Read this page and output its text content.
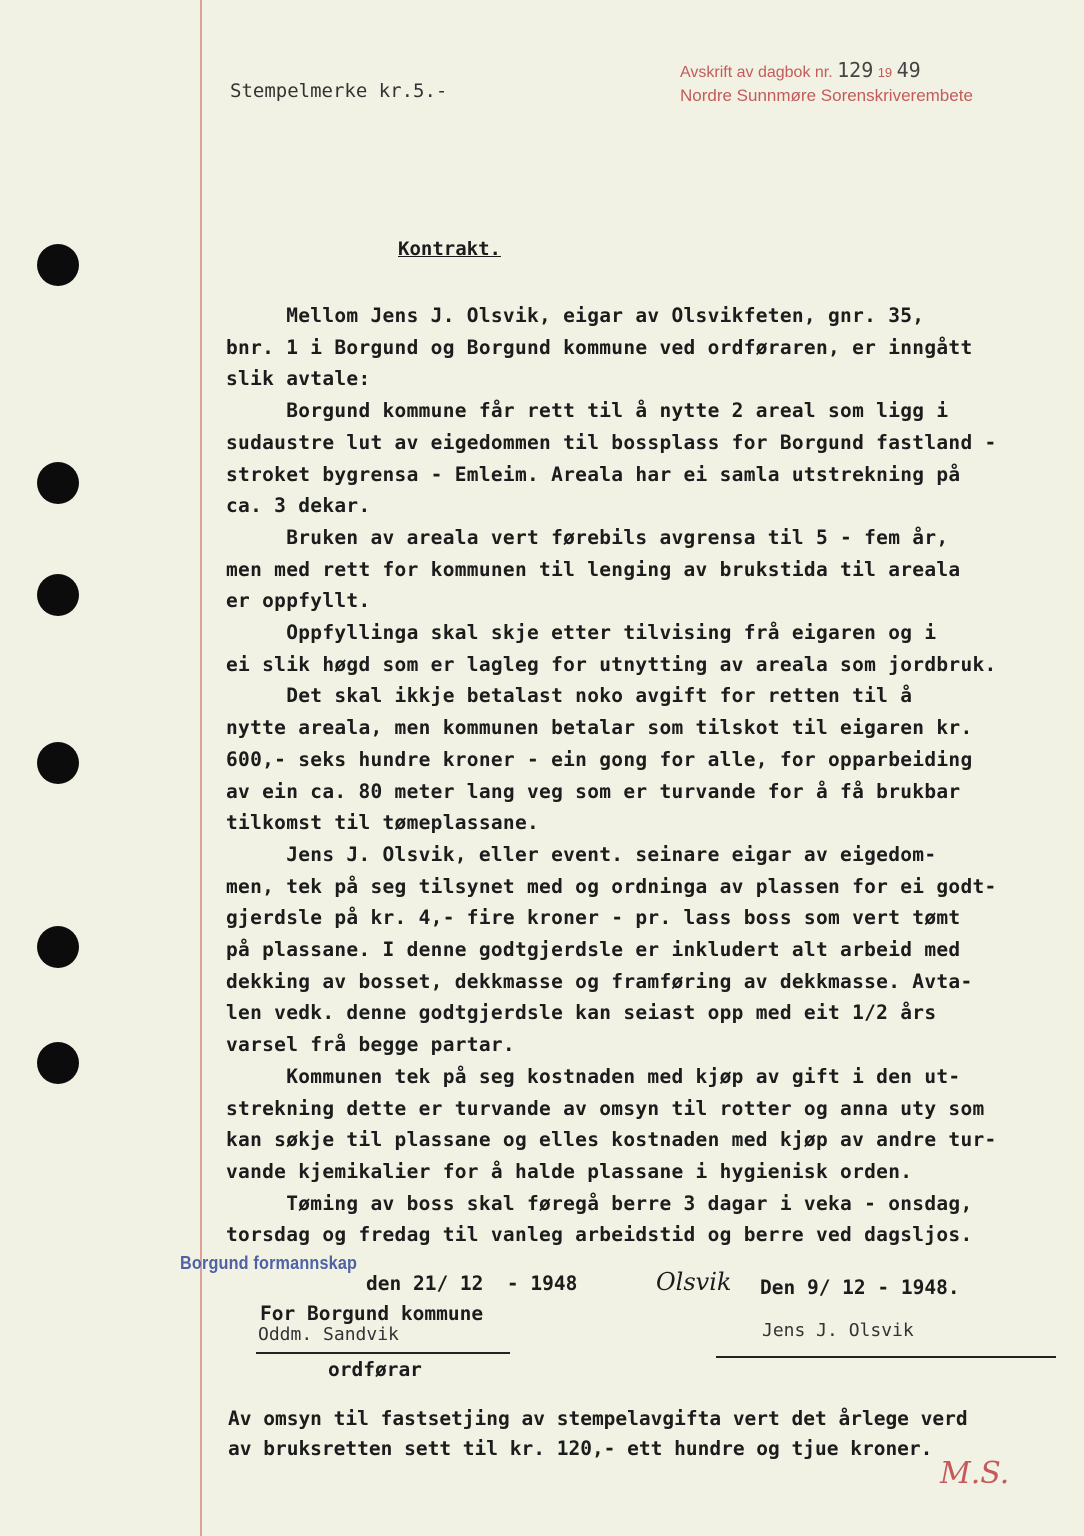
Stempelmerke kr.5.-
Avskrift av dagbok nr. 129 19 49
Nordre Sunnmøre Sorenskriverembete
Kontrakt.
Mellom Jens J. Olsvik, eigar av Olsvikfeten, gnr. 35,
bnr. 1 i Borgund og Borgund kommune ved ordføraren, er inngått
slik avtale:
Borgund kommune får rett til å nytte 2 areal som ligg i
sudaustre lut av eigedommen til bossplass for Borgund fastland -
stroket bygrensa - Emleim. Areala har ei samla utstrekning på
ca. 3 dekar.
Bruken av areala vert førebils avgrensa til 5 - fem år,
men med rett for kommunen til lenging av brukstida til areala
er oppfyllt.
Oppfyllinga skal skje etter tilvising frå eigaren og i
ei slik høgd som er lagleg for utnytting av areala som jordbruk.
Det skal ikkje betalast noko avgift for retten til å
nytte areala, men kommunen betalar som tilskot til eigaren kr.
600,- seks hundre kroner - ein gong for alle, for opparbeiding
av ein ca. 80 meter lang veg som er turvande for å få brukbar
tilkomst til tømeplassane.
Jens J. Olsvik, eller event. seinare eigar av eigedom-
men, tek på seg tilsynet med og ordninga av plassen for ei godt-
gjerdsle på kr. 4,- fire kroner - pr. lass boss som vert tømt
på plassane. I denne godtgjerdsle er inkludert alt arbeid med
dekking av bosset, dekkmasse og framføring av dekkmasse. Avta-
len vedk. denne godtgjerdsle kan seiast opp med eit 1/2 års
varsel frå begge partar.
Kommunen tek på seg kostnaden med kjøp av gift i den ut-
strekning dette er turvande av omsyn til rotter og anna uty som
kan søkje til plassane og elles kostnaden med kjøp av andre tur-
vande kjemikalier for å halde plassane i hygienisk orden.
Tøming av boss skal føregå berre 3 dagar i veka - onsdag,
torsdag og fredag til vanleg arbeidstid og berre ved dagsljos.
Borgund formannskap
den 21/ 12  - 1948	Olsvik Den 9/ 12 - 1948.
For Borgund kommune
Oddm. Sandvik	Jens J. Olsvik
ordførar
Av omsyn til fastsetjing av stempelavgifta vert det årlege verd
av bruksretten sett til kr. 120,- ett hundre og tjue kroner.
M.S.
